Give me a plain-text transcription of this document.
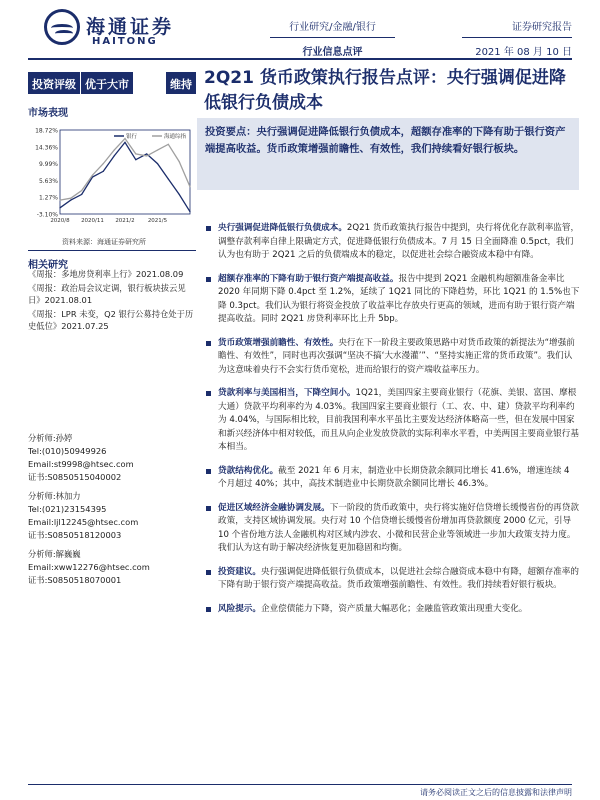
海通证券
HAITONG
行业研究/金融/银行
行业信息点评
证券研究报告
2021 年 08 月 10 日
投资评级 优于大市	维持 2Q21 货币政策执行报告点评：央行强调促进降低银行负债成本
市场表现
18.72%
14.36%
9.99%
5.63%
1.27%
-3.10%
2020/8 2020/11 2021/2 2021/5
银行	海通综指
资料来源：海通证券研究所
相关研究
《周报：多地房贷利率上行》2021.08.09
《周报：政治局会议定调，银行板块拔云见日》2021.08.01
《周报：LPR 未变，Q2 银行公募持仓处于历史低位》2021.07.25
分析师:孙婷
Tel:(010)50949926
Email:st9998@htsec.com
证书:S0850515040002
分析师:林加力
Tel:(021)23154395
Email:ljl12245@htsec.com
证书:S0850518120003
分析师:解巍巍
Email:xww12276@htsec.com
证书:S0850518070001
投资要点：央行强调促进降低银行负债成本，超额存准率的下降有助于银行资产端提高收益。货币政策增强前瞻性、有效性，我们持续看好银行板块。
央行强调促进降低银行负债成本。2Q21 货币政策执行报告中提到，央行将优化存款利率监管，调整存款利率自律上限确定方式，促进降低银行负债成本。7 月 15 日全面降准 0.5pct，我们认为也有助于 2Q21 之后的负债端成本的稳定，以促进社会综合融资成本稳中有降。
超额存准率的下降有助于银行资产端提高收益。报告中提到 2Q21 金融机构超额准备金率比 2020 年同期下降 0.4pct 至 1.2%，延续了 1Q21 同比的下降趋势，环比 1Q21 的 1.5%也下降 0.3pct。我们认为银行将资金投放了收益率比存放央行更高的领域，进而有助于银行资产端提高收益。同时 2Q21 房贷利率环比上升 5bp。
货币政策增强前瞻性、有效性。央行在下一阶段主要政策思路中对货币政策的新提法为“增强前瞻性、有效性”，同时也再次强调“坚决不搞‘大水漫灌’”、“坚持实施正常的货币政策”。我们认为这意味着央行不会实行货币宽松，进而给银行的资产端收益率压力。
贷款利率与美国相当，下降空间小。1Q21，美国四家主要商业银行（花旗、美银、富国、摩根大通）贷款平均利率约为 4.03%。我国四家主要商业银行（工、农、中、建）贷款平均利率约为 4.04%，与国际相比较，目前我国利率水平虽比主要发达经济体略高一些，但在发展中国家和新兴经济体中相对较低，而且从向企业发放贷款的实际利率水平看，中美两国主要商业银行基本相当。
贷款结构优化。截至 2021 年 6 月末，制造业中长期贷款余额同比增长 41.6%，增速连续 4 个月超过 40%；其中，高技术制造业中长期贷款余额同比增长 46.3%。
促进区域经济金融协调发展。下一阶段的货币政策中，央行将实施好信贷增长缓慢省份的再贷款政策，支持区域协调发展。央行对 10 个信贷增长缓慢省份增加再贷款额度 2000 亿元，引导 10 个省份地方法人金融机构对区域内涉农、小微和民营企业等领域进一步加大政策支持力度。我们认为这有助于解决经济恢复更加稳固和均衡。
投资建议。央行强调促进降低银行负债成本，以促进社会综合融资成本稳中有降，超额存准率的下降有助于银行资产端提高收益。货币政策增强前瞻性、有效性。我们持续看好银行板块。
风险提示。企业偿债能力下降，资产质量大幅恶化；金融监管政策出现重大变化。
请务必阅读正文之后的信息披露和法律声明
